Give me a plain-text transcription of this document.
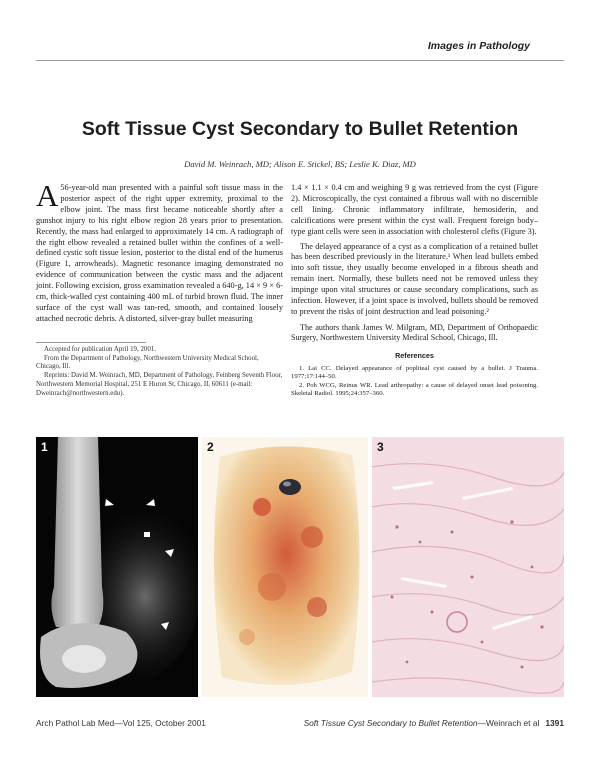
Images in Pathology
Soft Tissue Cyst Secondary to Bullet Retention
David M. Weinrach, MD; Alison E. Stickel, BS; Leslie K. Diaz, MD

A 56-year-old man presented with a painful soft tissue mass in the posterior aspect of the right upper extremity, proximal to the elbow joint. The mass first became noticeable shortly after a gunshot injury to his right elbow region 28 years prior to presentation. Recently, the mass had enlarged to approximately 14 cm. A radiograph of the right elbow revealed a retained bullet within the confines of a well-defined cystic soft tissue lesion, posterior to the distal end of the humerus (Figure 1, arrowheads). Magnetic resonance imaging demonstrated no evidence of communication between the cystic mass and the adjacent joint. Following excision, gross examination revealed a 640-g, 14 × 9 × 6-cm, thick-walled cyst containing 400 mL of turbid brown fluid. The inner surface of the cyst wall was tan-red, smooth, and contained loosely attached necrotic debris. A distorted, silver-gray bullet measuring

Accepted for publication April 19, 2001.

From the Department of Pathology, Northwestern University Medical School, Chicago, Ill.

Reprints: David M. Weinrach, MD, Department of Pathology, Feinberg Seventh Floor, Northwestern Memorial Hospital, 251 E Huron St, Chicago, IL 60611 (e-mail: Dweinrach@northwestern.edu).

1.4 × 1.1 × 0.4 cm and weighing 9 g was retrieved from the cyst (Figure 2). Microscopically, the cyst contained a fibrous wall with no discernible cell lining. Chronic inflammatory infiltrate, hemosiderin, and calcifications were present within the cyst wall. Frequent foreign body–type giant cells were seen in association with cholesterol clefts (Figure 3).

The delayed appearance of a cyst as a complication of a retained bullet has been described previously in the literature.¹ When lead bullets embed into soft tissue, they usually become enveloped in a fibrous sheath and remain inert. Normally, these bullets need not be removed unless they impinge upon vital structures or cause secondary complications, such as infection. However, if a joint space is involved, bullets should be removed to prevent the risks of joint destruction and lead poisoning.²

The authors thank James W. Milgram, MD, Department of Orthopaedic Surgery, Northwestern University Medical School, Chicago, Ill.

References

1. Lai CC. Delayed appearance of popliteal cyst caused by a bullet. J Trauma. 1977;17:144–50.

2. Poh WCG, Reinus WR. Lead arthropathy: a cause of delayed onset lead poisoning. Skeletal Radiol. 1995;24:357–360.

1	2	3
Arch Pathol Lab Med—Vol 125, October 2001	Soft Tissue Cyst Secondary to Bullet Retention—Weinrach et al 1391
